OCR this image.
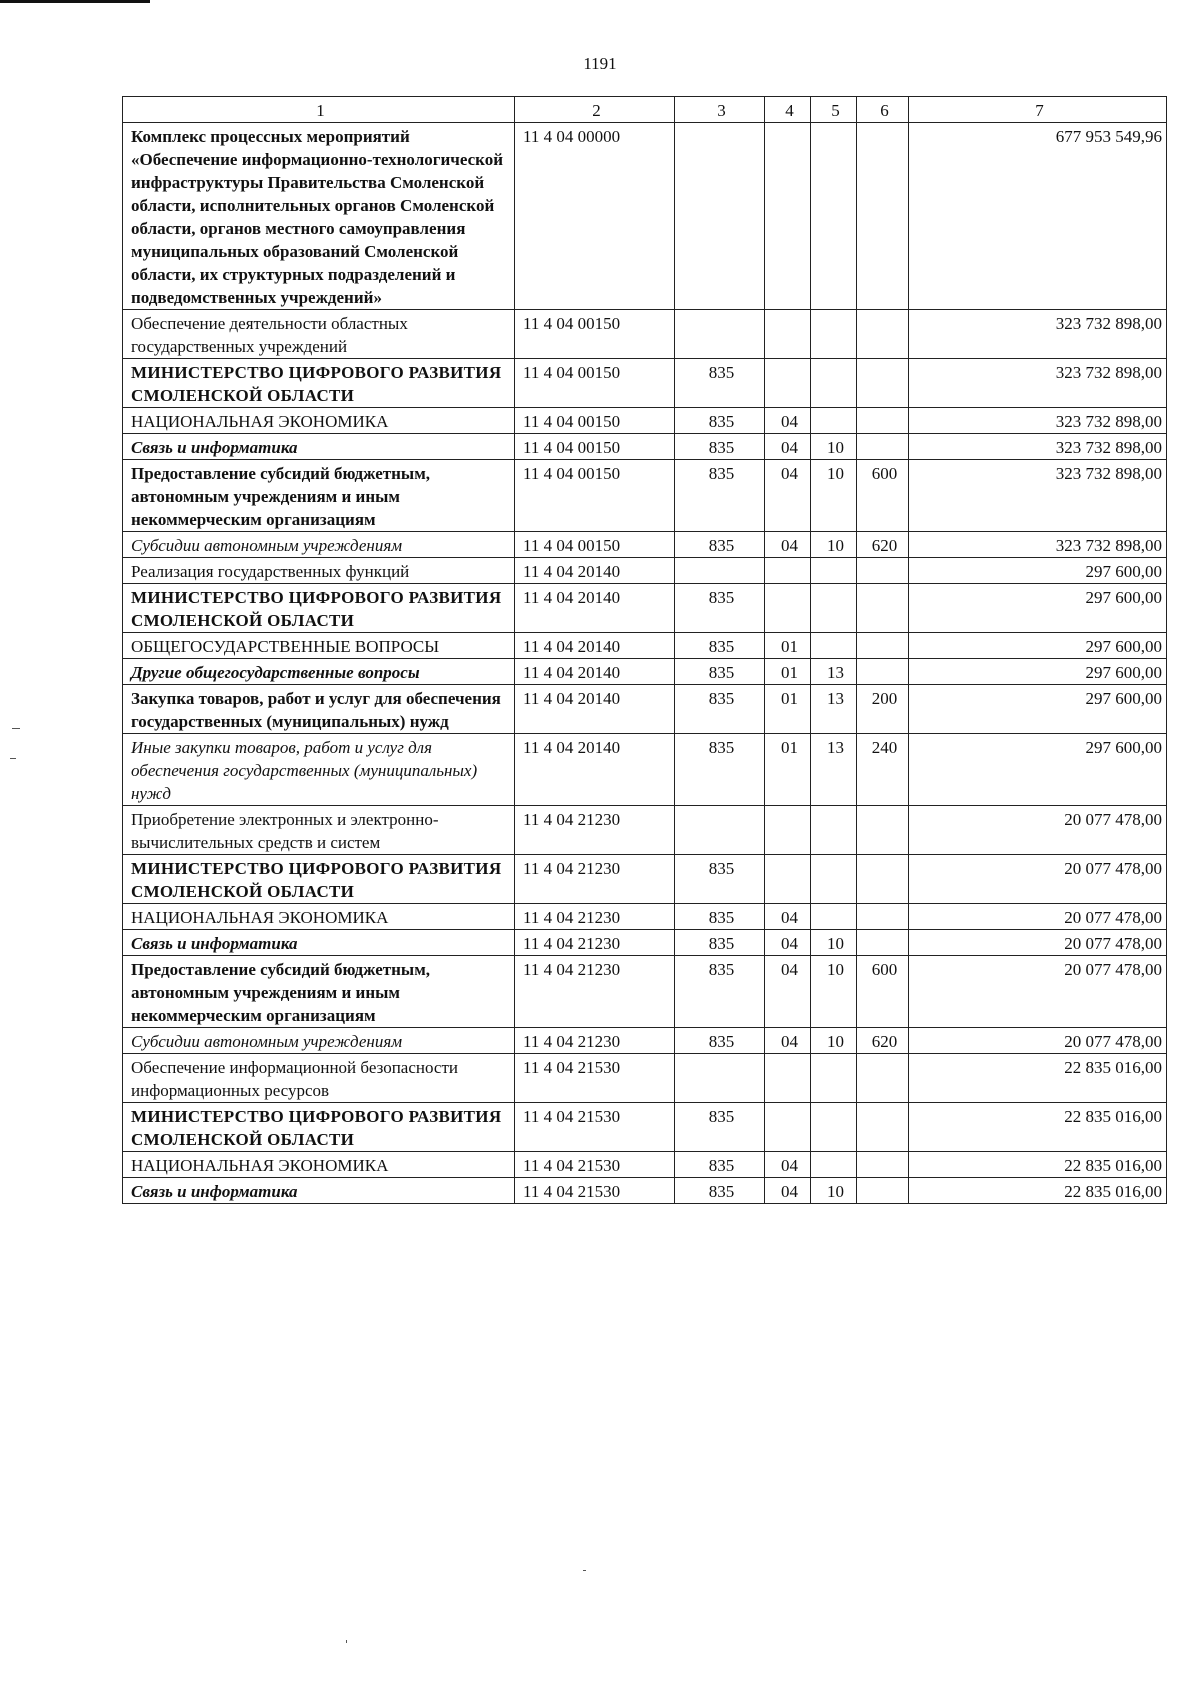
1191
1	2	3	4	5	6	7
Комплекс процессных мероприятий «Обеспечение информационно-технологической инфраструктуры Правительства Смоленской области, исполнительных органов Смоленской области, органов местного самоуправления муниципальных образований Смоленской области, их структурных подразделений и подведомственных учреждений»	11 4 04 00000					677 953 549,96
Обеспечение деятельности областных государственных учреждений	11 4 04 00150					323 732 898,00
МИНИСТЕРСТВО ЦИФРОВОГО РАЗВИТИЯ СМОЛЕНСКОЙ ОБЛАСТИ	11 4 04 00150	835				323 732 898,00
НАЦИОНАЛЬНАЯ ЭКОНОМИКА	11 4 04 00150	835	04			323 732 898,00
Связь и информатика	11 4 04 00150	835	04	10		323 732 898,00
Предоставление субсидий бюджетным, автономным учреждениям и иным некоммерческим организациям	11 4 04 00150	835	04	10	600	323 732 898,00
Субсидии автономным учреждениям	11 4 04 00150	835	04	10	620	323 732 898,00
Реализация государственных функций	11 4 04 20140					297 600,00
МИНИСТЕРСТВО ЦИФРОВОГО РАЗВИТИЯ СМОЛЕНСКОЙ ОБЛАСТИ	11 4 04 20140	835				297 600,00
ОБЩЕГОСУДАРСТВЕННЫЕ ВОПРОСЫ	11 4 04 20140	835	01			297 600,00
Другие общегосударственные вопросы	11 4 04 20140	835	01	13		297 600,00
Закупка товаров, работ и услуг для обеспечения государственных (муниципальных) нужд	11 4 04 20140	835	01	13	200	297 600,00
Иные закупки товаров, работ и услуг для обеспечения государственных (муниципальных) нужд	11 4 04 20140	835	01	13	240	297 600,00
Приобретение электронных и электронно-вычислительных средств и систем	11 4 04 21230					20 077 478,00
МИНИСТЕРСТВО ЦИФРОВОГО РАЗВИТИЯ СМОЛЕНСКОЙ ОБЛАСТИ	11 4 04 21230	835				20 077 478,00
НАЦИОНАЛЬНАЯ ЭКОНОМИКА	11 4 04 21230	835	04			20 077 478,00
Связь и информатика	11 4 04 21230	835	04	10		20 077 478,00
Предоставление субсидий бюджетным, автономным учреждениям и иным некоммерческим организациям	11 4 04 21230	835	04	10	600	20 077 478,00
Субсидии автономным учреждениям	11 4 04 21230	835	04	10	620	20 077 478,00
Обеспечение информационной безопасности информационных ресурсов	11 4 04 21530					22 835 016,00
МИНИСТЕРСТВО ЦИФРОВОГО РАЗВИТИЯ СМОЛЕНСКОЙ ОБЛАСТИ	11 4 04 21530	835				22 835 016,00
НАЦИОНАЛЬНАЯ ЭКОНОМИКА	11 4 04 21530	835	04			22 835 016,00
Связь и информатика	11 4 04 21530	835	04	10		22 835 016,00
